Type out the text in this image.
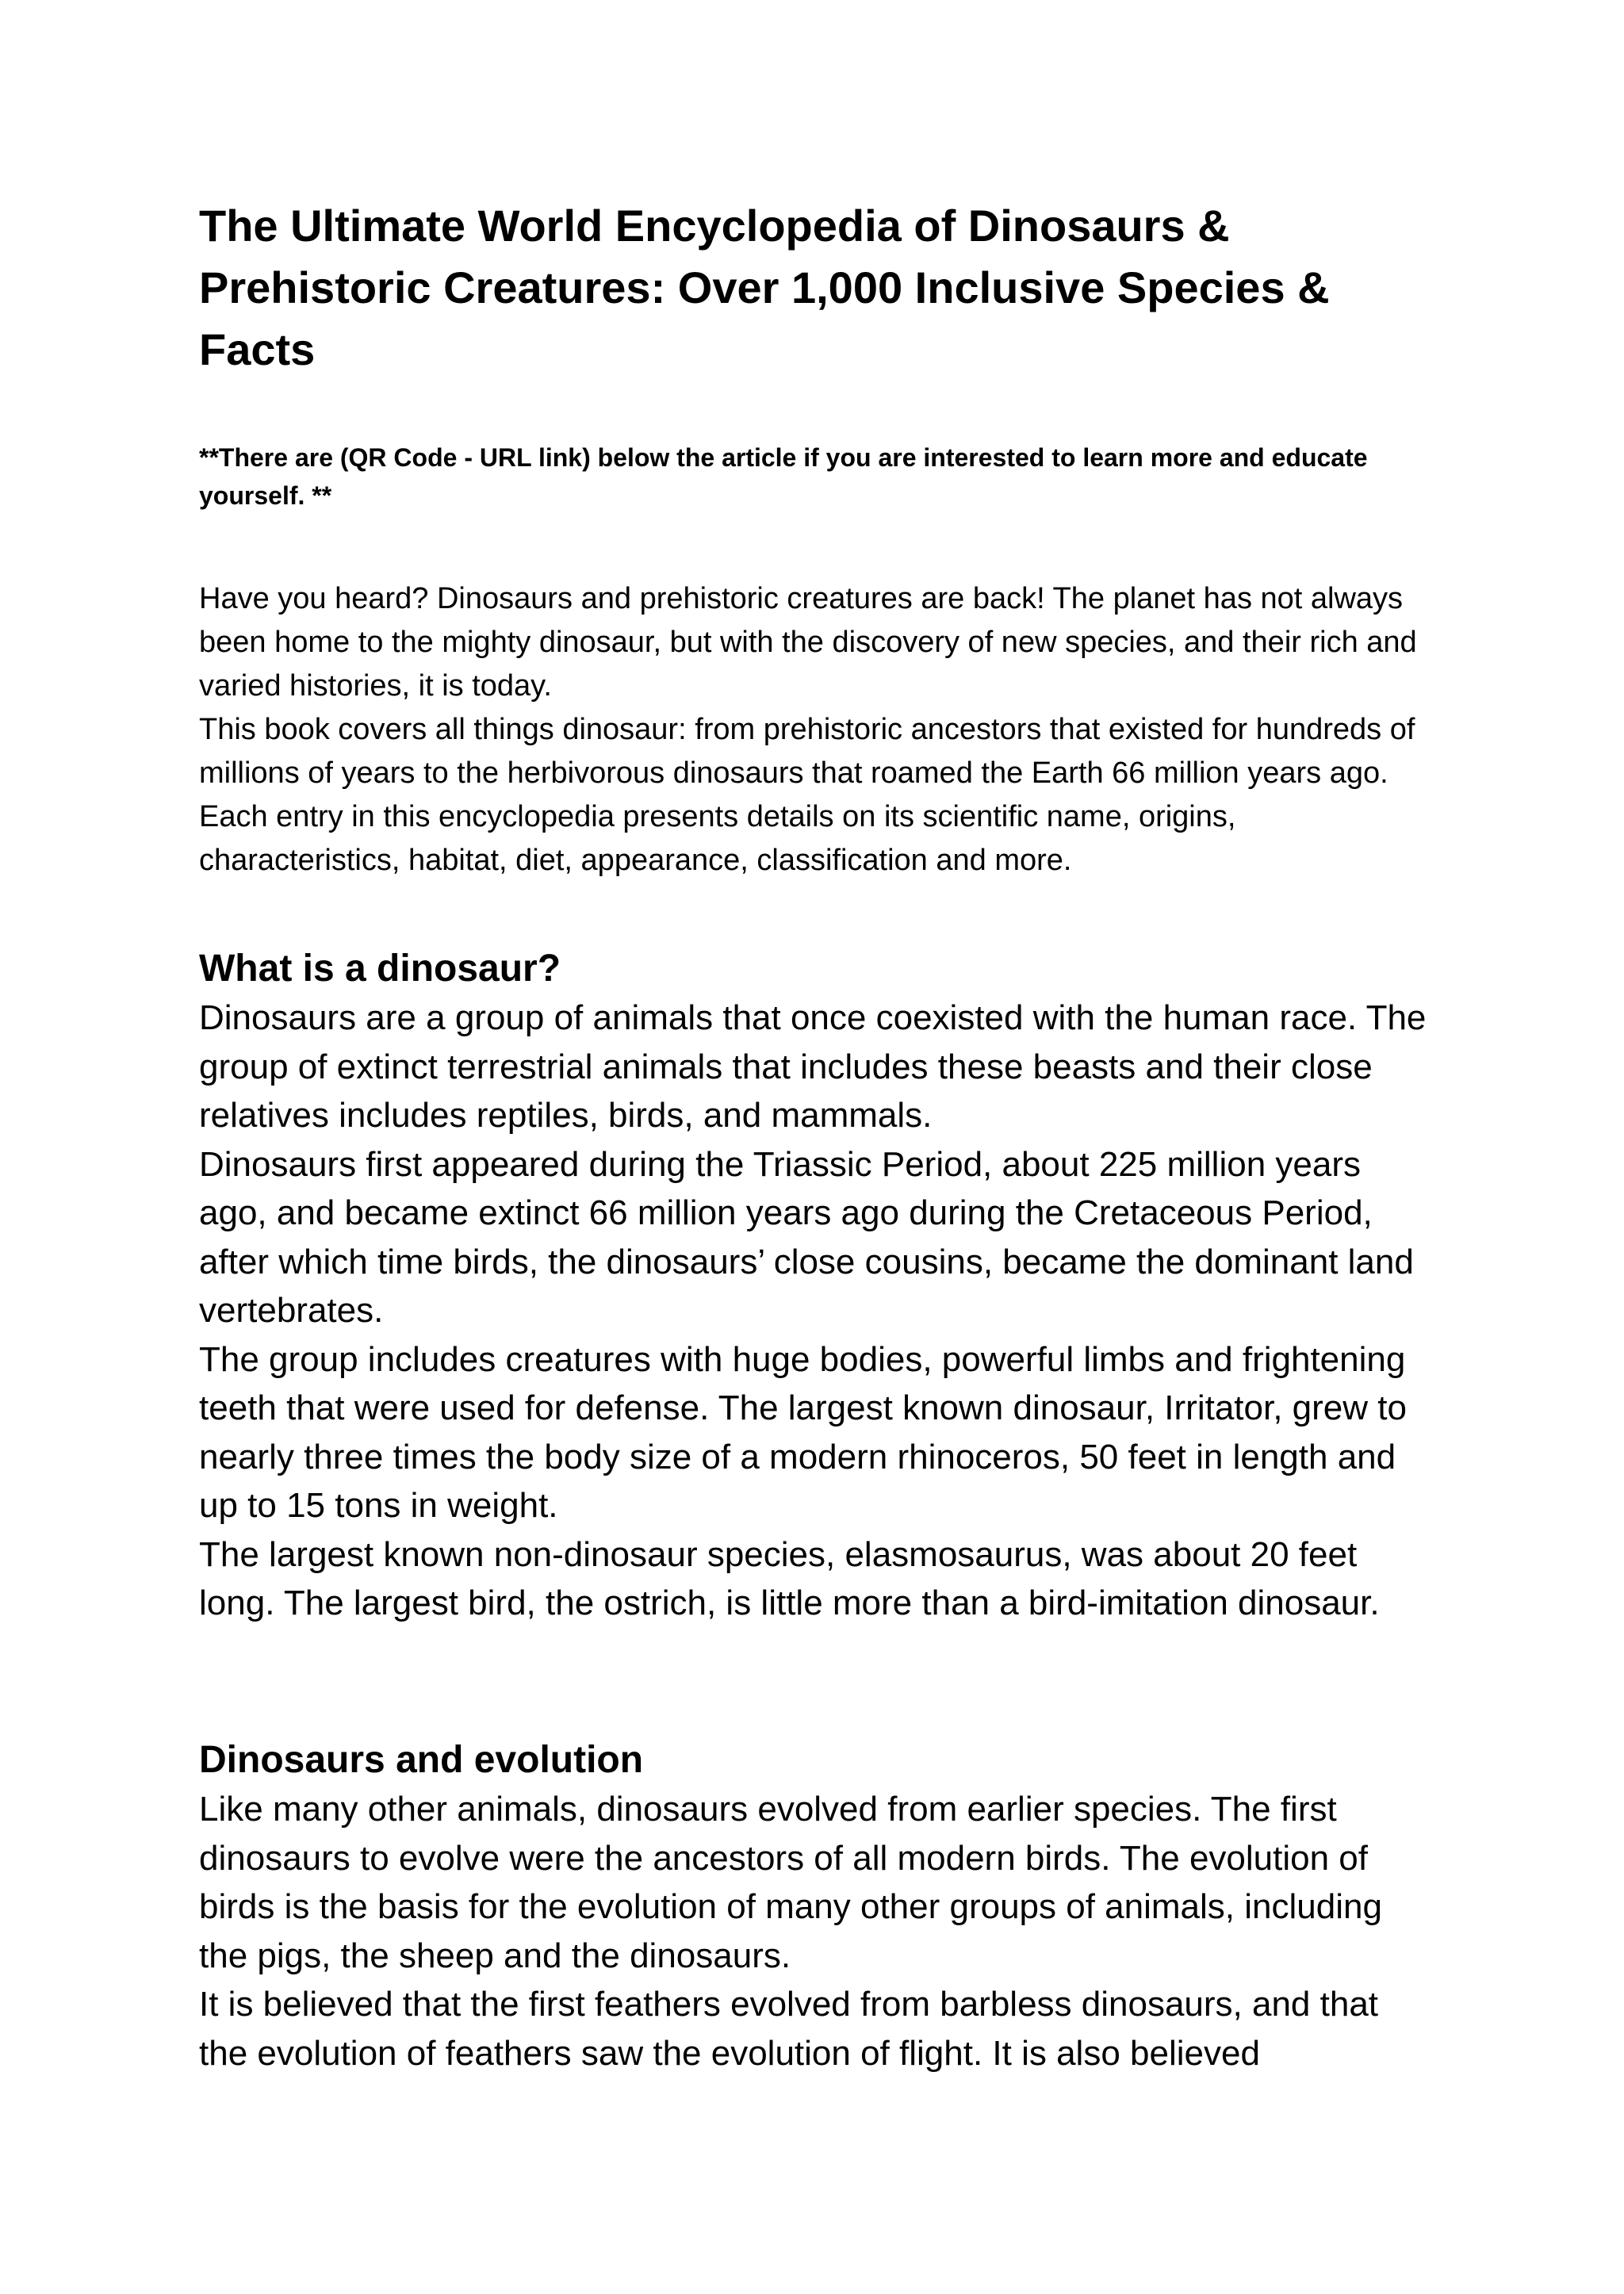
The Ultimate World Encyclopedia of Dinosaurs & Prehistoric Creatures: Over 1,000 Inclusive Species & Facts

**There are (QR Code - URL link) below the article if you are interested to learn more and educate yourself. **

Have you heard? Dinosaurs and prehistoric creatures are back! The planet has not always been home to the mighty dinosaur, but with the discovery of new species, and their rich and varied histories, it is today.

This book covers all things dinosaur: from prehistoric ancestors that existed for hundreds of millions of years to the herbivorous dinosaurs that roamed the Earth 66 million years ago. Each entry in this encyclopedia presents details on its scientific name, origins, characteristics, habitat, diet, appearance, classification and more.

What is a dinosaur?

Dinosaurs are a group of animals that once coexisted with the human race. The group of extinct terrestrial animals that includes these beasts and their close relatives includes reptiles, birds, and mammals.

Dinosaurs first appeared during the Triassic Period, about 225 million years ago, and became extinct 66 million years ago during the Cretaceous Period, after which time birds, the dinosaurs’ close cousins, became the dominant land vertebrates.

The group includes creatures with huge bodies, powerful limbs and frightening teeth that were used for defense. The largest known dinosaur, Irritator, grew to nearly three times the body size of a modern rhinoceros, 50 feet in length and up to 15 tons in weight.

The largest known non-dinosaur species, elasmosaurus, was about 20 feet long. The largest bird, the ostrich, is little more than a bird-imitation dinosaur.

Dinosaurs and evolution

Like many other animals, dinosaurs evolved from earlier species. The first dinosaurs to evolve were the ancestors of all modern birds. The evolution of birds is the basis for the evolution of many other groups of animals, including the pigs, the sheep and the dinosaurs.

It is believed that the first feathers evolved from barbless dinosaurs, and that the evolution of feathers saw the evolution of flight. It is also believed
